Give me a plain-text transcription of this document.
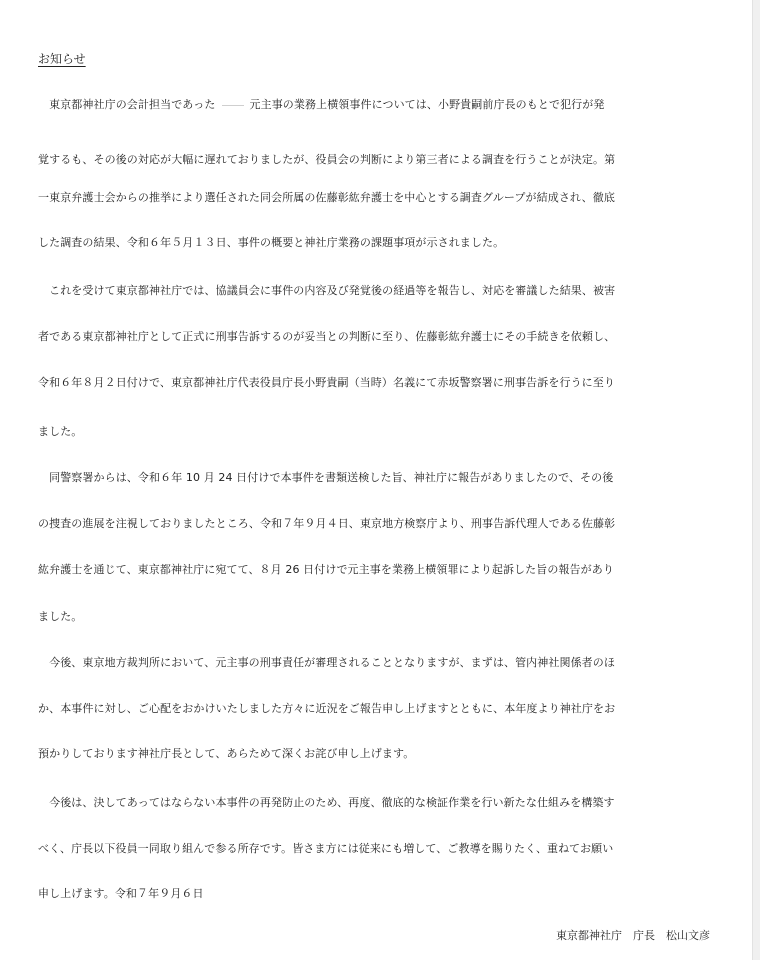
お知らせ
　東京都神社庁の会計担当であった	元主事の業務上横領事件については、小野貴嗣前庁長のもとで犯行が発
覚するも、その後の対応が大幅に遅れておりましたが、役員会の判断により第三者による調査を行うことが決定。第
一東京弁護士会からの推挙により選任された同会所属の佐藤彰紘弁護士を中心とする調査グループが結成され、徹底
した調査の結果、令和６年５月１３日、事件の概要と神社庁業務の課題事項が示されました。
　これを受けて東京都神社庁では、協議員会に事件の内容及び発覚後の経過等を報告し、対応を審議した結果、被害
者である東京都神社庁として正式に刑事告訴するのが妥当との判断に至り、佐藤彰紘弁護士にその手続きを依頼し、
令和６年８月２日付けで、東京都神社庁代表役員庁長小野貴嗣（当時）名義にて赤坂警察署に刑事告訴を行うに至り
ました。
　同警察署からは、令和６年 10 月 24 日付けで本事件を書類送検した旨、神社庁に報告がありましたので、その後
の捜査の進展を注視しておりましたところ、令和７年９月４日、東京地方検察庁より、刑事告訴代理人である佐藤彰
紘弁護士を通じて、東京都神社庁に宛てて、８月 26 日付けで元主事を業務上横領罪により起訴した旨の報告があり
ました。
　今後、東京地方裁判所において、元主事の刑事責任が審理されることとなりますが、まずは、管内神社関係者のほ
か、本事件に対し、ご心配をおかけいたしました方々に近況をご報告申し上げますとともに、本年度より神社庁をお
預かりしております神社庁長として、あらためて深くお詫び申し上げます。
　今後は、決してあってはならない本事件の再発防止のため、再度、徹底的な検証作業を行い新たな仕組みを構築す
べく、庁長以下役員一同取り組んで参る所存です。皆さま方には従来にも増して、ご教導を賜りたく、重ねてお願い
申し上げます。令和７年９月６日
東京都神社庁　庁長　松山文彦
